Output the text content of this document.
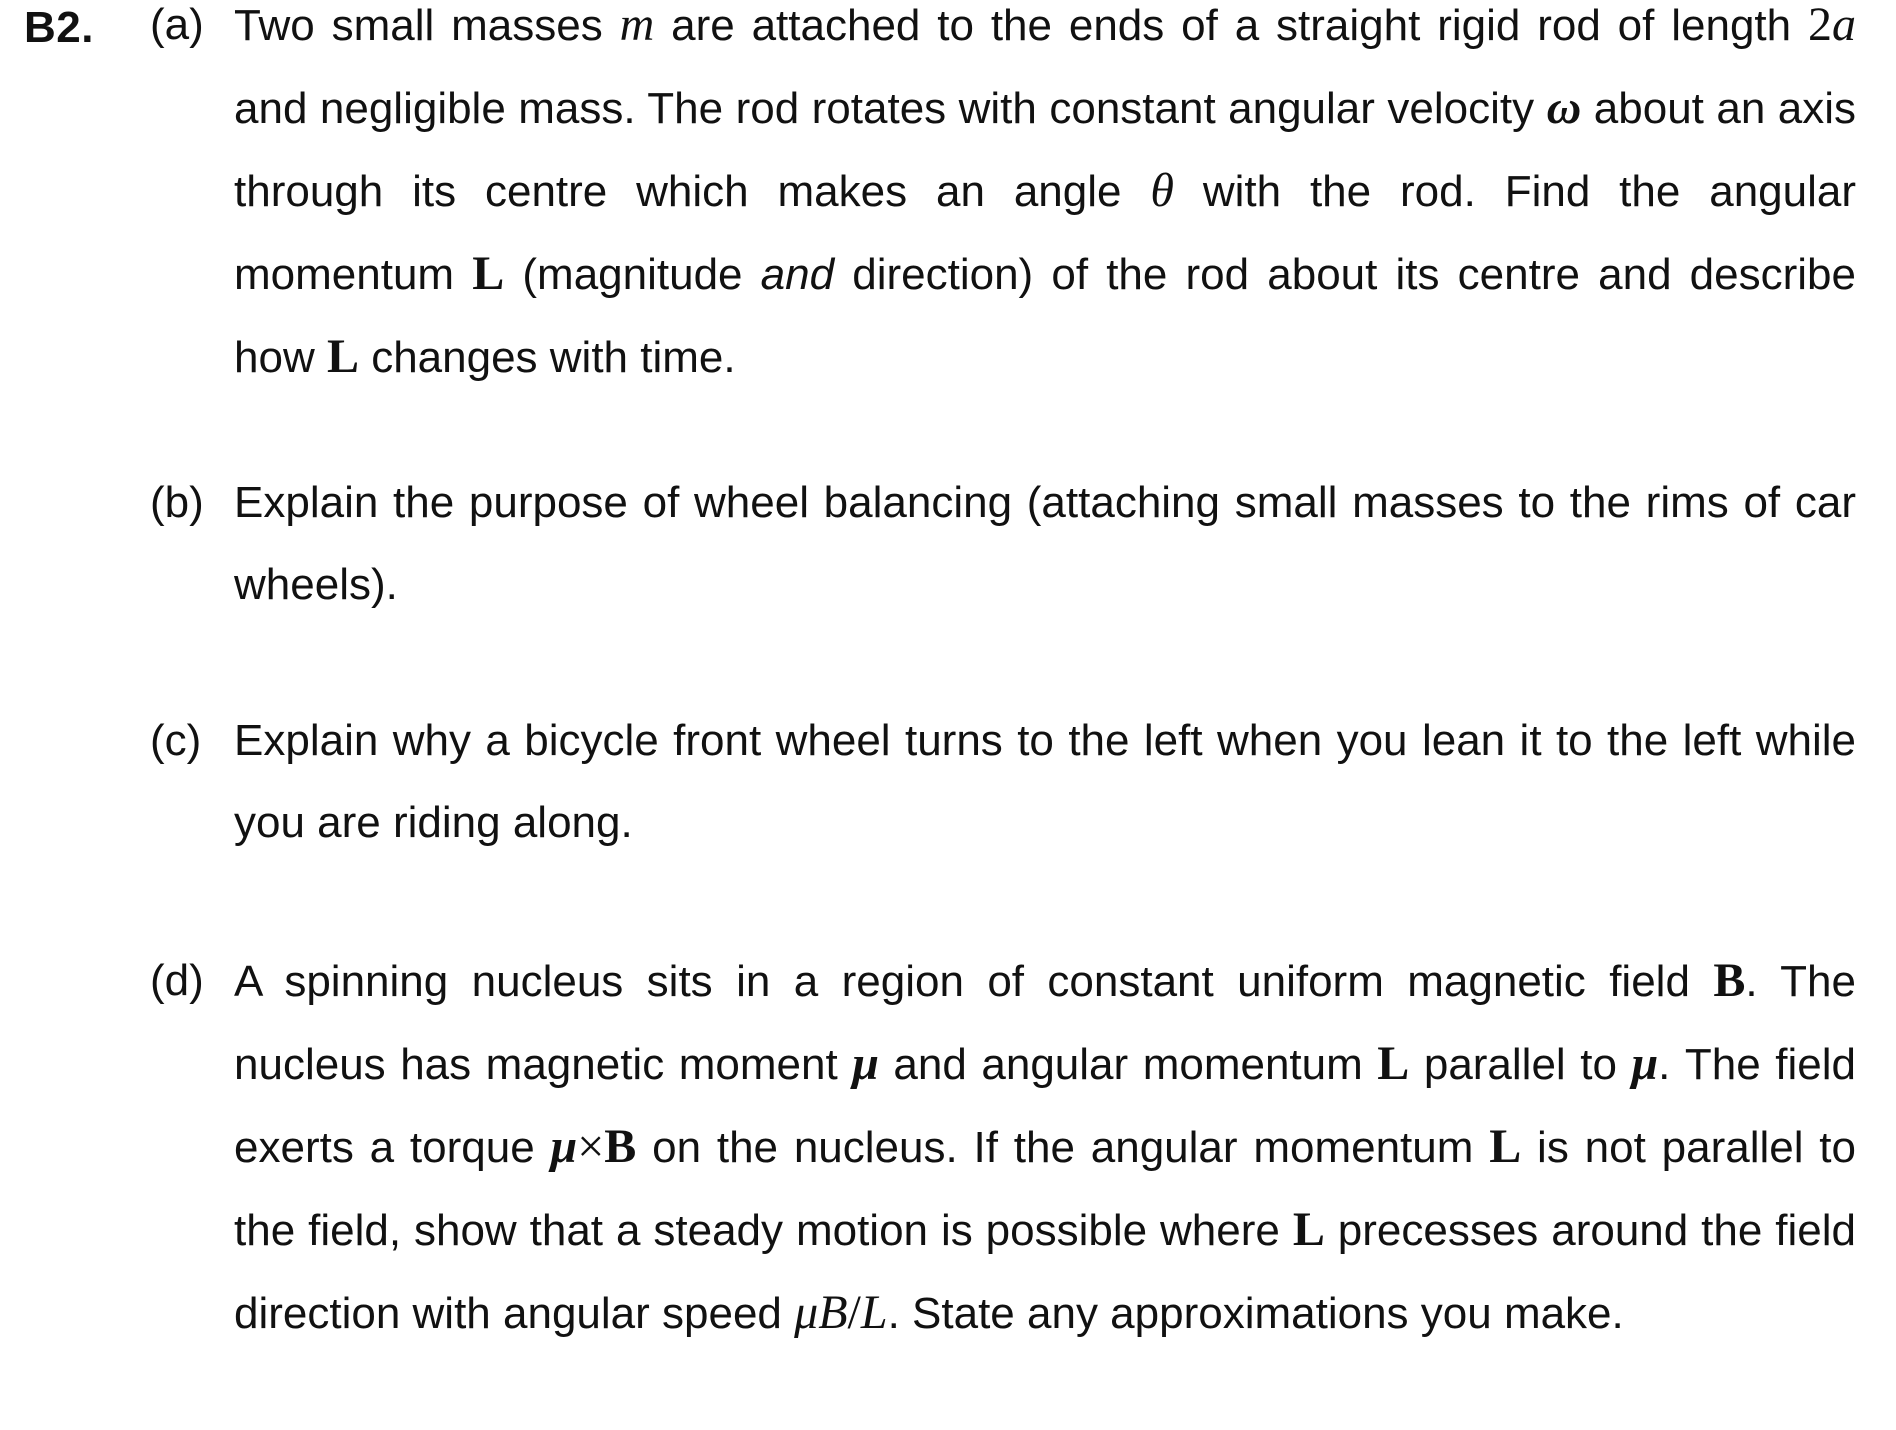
B2. (a) Two small masses m are attached to the ends of a straight rigid rod of length 2a and negligible mass. The rod rotates with constant angular velocity ω about an axis through its centre which makes an angle θ with the rod. Find the angular momentum L (magnitude and direction) of the rod about its centre and describe how L changes with time.
(b) Explain the purpose of wheel balancing (attaching small masses to the rims of car wheels).
(c) Explain why a bicycle front wheel turns to the left when you lean it to the left while you are riding along.
(d) A spinning nucleus sits in a region of constant uniform magnetic field B. The nucleus has magnetic moment μ and angular momentum L parallel to μ. The field exerts a torque μ×B on the nucleus. If the angular momentum L is not parallel to the field, show that a steady motion is possible where L precesses around the field direction with angular speed μB/L. State any approximations you make.
